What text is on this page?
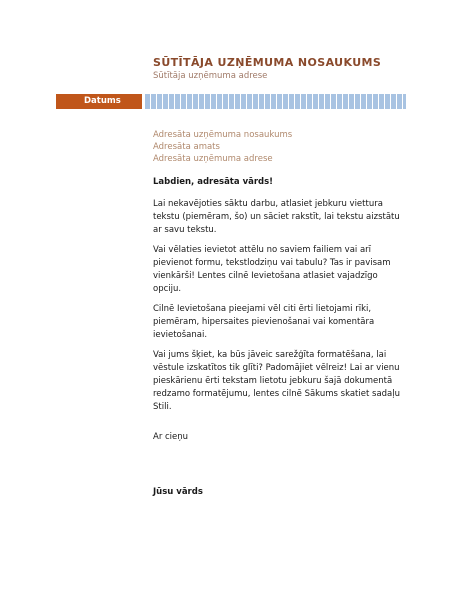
SŪTĪTĀJA UZŅĒMUMA NOSAUKUMS
Sūtītāja uzņēmuma adrese
Datums
Adresāta uzņēmuma nosaukums
Adresāta amats
Adresāta uzņēmuma adrese
Labdien, adresāta vārds!

Lai nekavējoties sāktu darbu, atlasiet jebkuru vietturа tekstu (piemēram, šo) un sāciet rakstīt, lai tekstu aizstātu ar savu tekstu.

Vai vēlaties ievietot attēlu no saviem failiem vai arī pievienot formu, tekstlodziņu vai tabulu? Tas ir pavisam vienkārši! Lentes cilnē Ievietošana atlasiet vajadzīgo opciju.

Cilnē Ievietošana pieejami vēl citi ērti lietojami rīki, piemēram, hipersaites pievienošanai vai komentāra ievietošanai.

Vai jums šķiet, ka būs jāveic sarežģīta formatēšana, lai vēstule izskatītos tik glīti? Padomājiet vēlreiz! Lai ar vienu pieskārienu ērti tekstam lietotu jebkuru šajā dokumentā redzamo formatējumu, lentes cilnē Sākums skatiet sadaļu Stili.

Ar cieņu
Jūsu vārds
